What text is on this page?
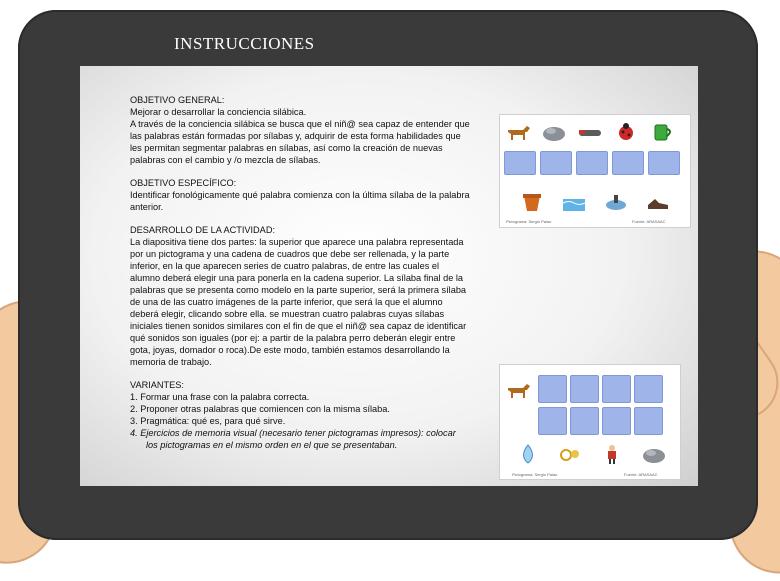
INSTRUCCIONES

OBJETIVO GENERAL:
Mejorar o desarrollar la conciencia silábica.
A través de la conciencia silábica se busca que el niñ@ sea capaz de entender que
las palabras están formadas por sílabas y, adquirir de esta forma habilidades que
les permitan segmentar palabras en sílabas, así como la creación de nuevas
palabras con el cambio y /o mezcla de sílabas.

OBJETIVO ESPECÍFICO:
Identificar fonológicamente qué palabra comienza con la última sílaba de la palabra
anterior.

DESARROLLO DE LA ACTIVIDAD:
La diapositiva tiene dos partes: la superior que aparece una palabra representada
por un pictograma y una cadena de cuadros que debe ser rellenada, y la parte
inferior, en la que aparecen series de cuatro palabras, de entre las cuales el
alumno deberá elegir una para ponerla en la cadena superior. La sílaba final de la
palabras que se presenta como modelo en la parte superior, será la primera sílaba
de una de las cuatro imágenes de la parte inferior, que será la que el alumno
deberá elegir, clicando sobre ella. se muestran cuatro palabras cuyas sílabas
iniciales tienen sonidos similares con el fin de que el niñ@ sea capaz de identificar
qué sonidos son iguales (por ej: a partir de la palabra perro deberán elegir entre
gota, joyas, domador o roca).De este modo, también estamos desarrollando la
memoria de trabajo.

VARIANTES:
1. Formar una frase con la palabra correcta.
2. Proponer otras palabras que comiencen con la misma sílaba.
3. Pragmática: qué es, para qué sirve.
4. Ejercicios de memoria visual (necesario tener pictogramas impresos): colocar
los pictogramas en el mismo orden en el que se presentaban.
Pictograma: Sergio Palao	Fuente: ARASAAC
Pictograma: Sergio Palao	Fuente: ARASAAC
